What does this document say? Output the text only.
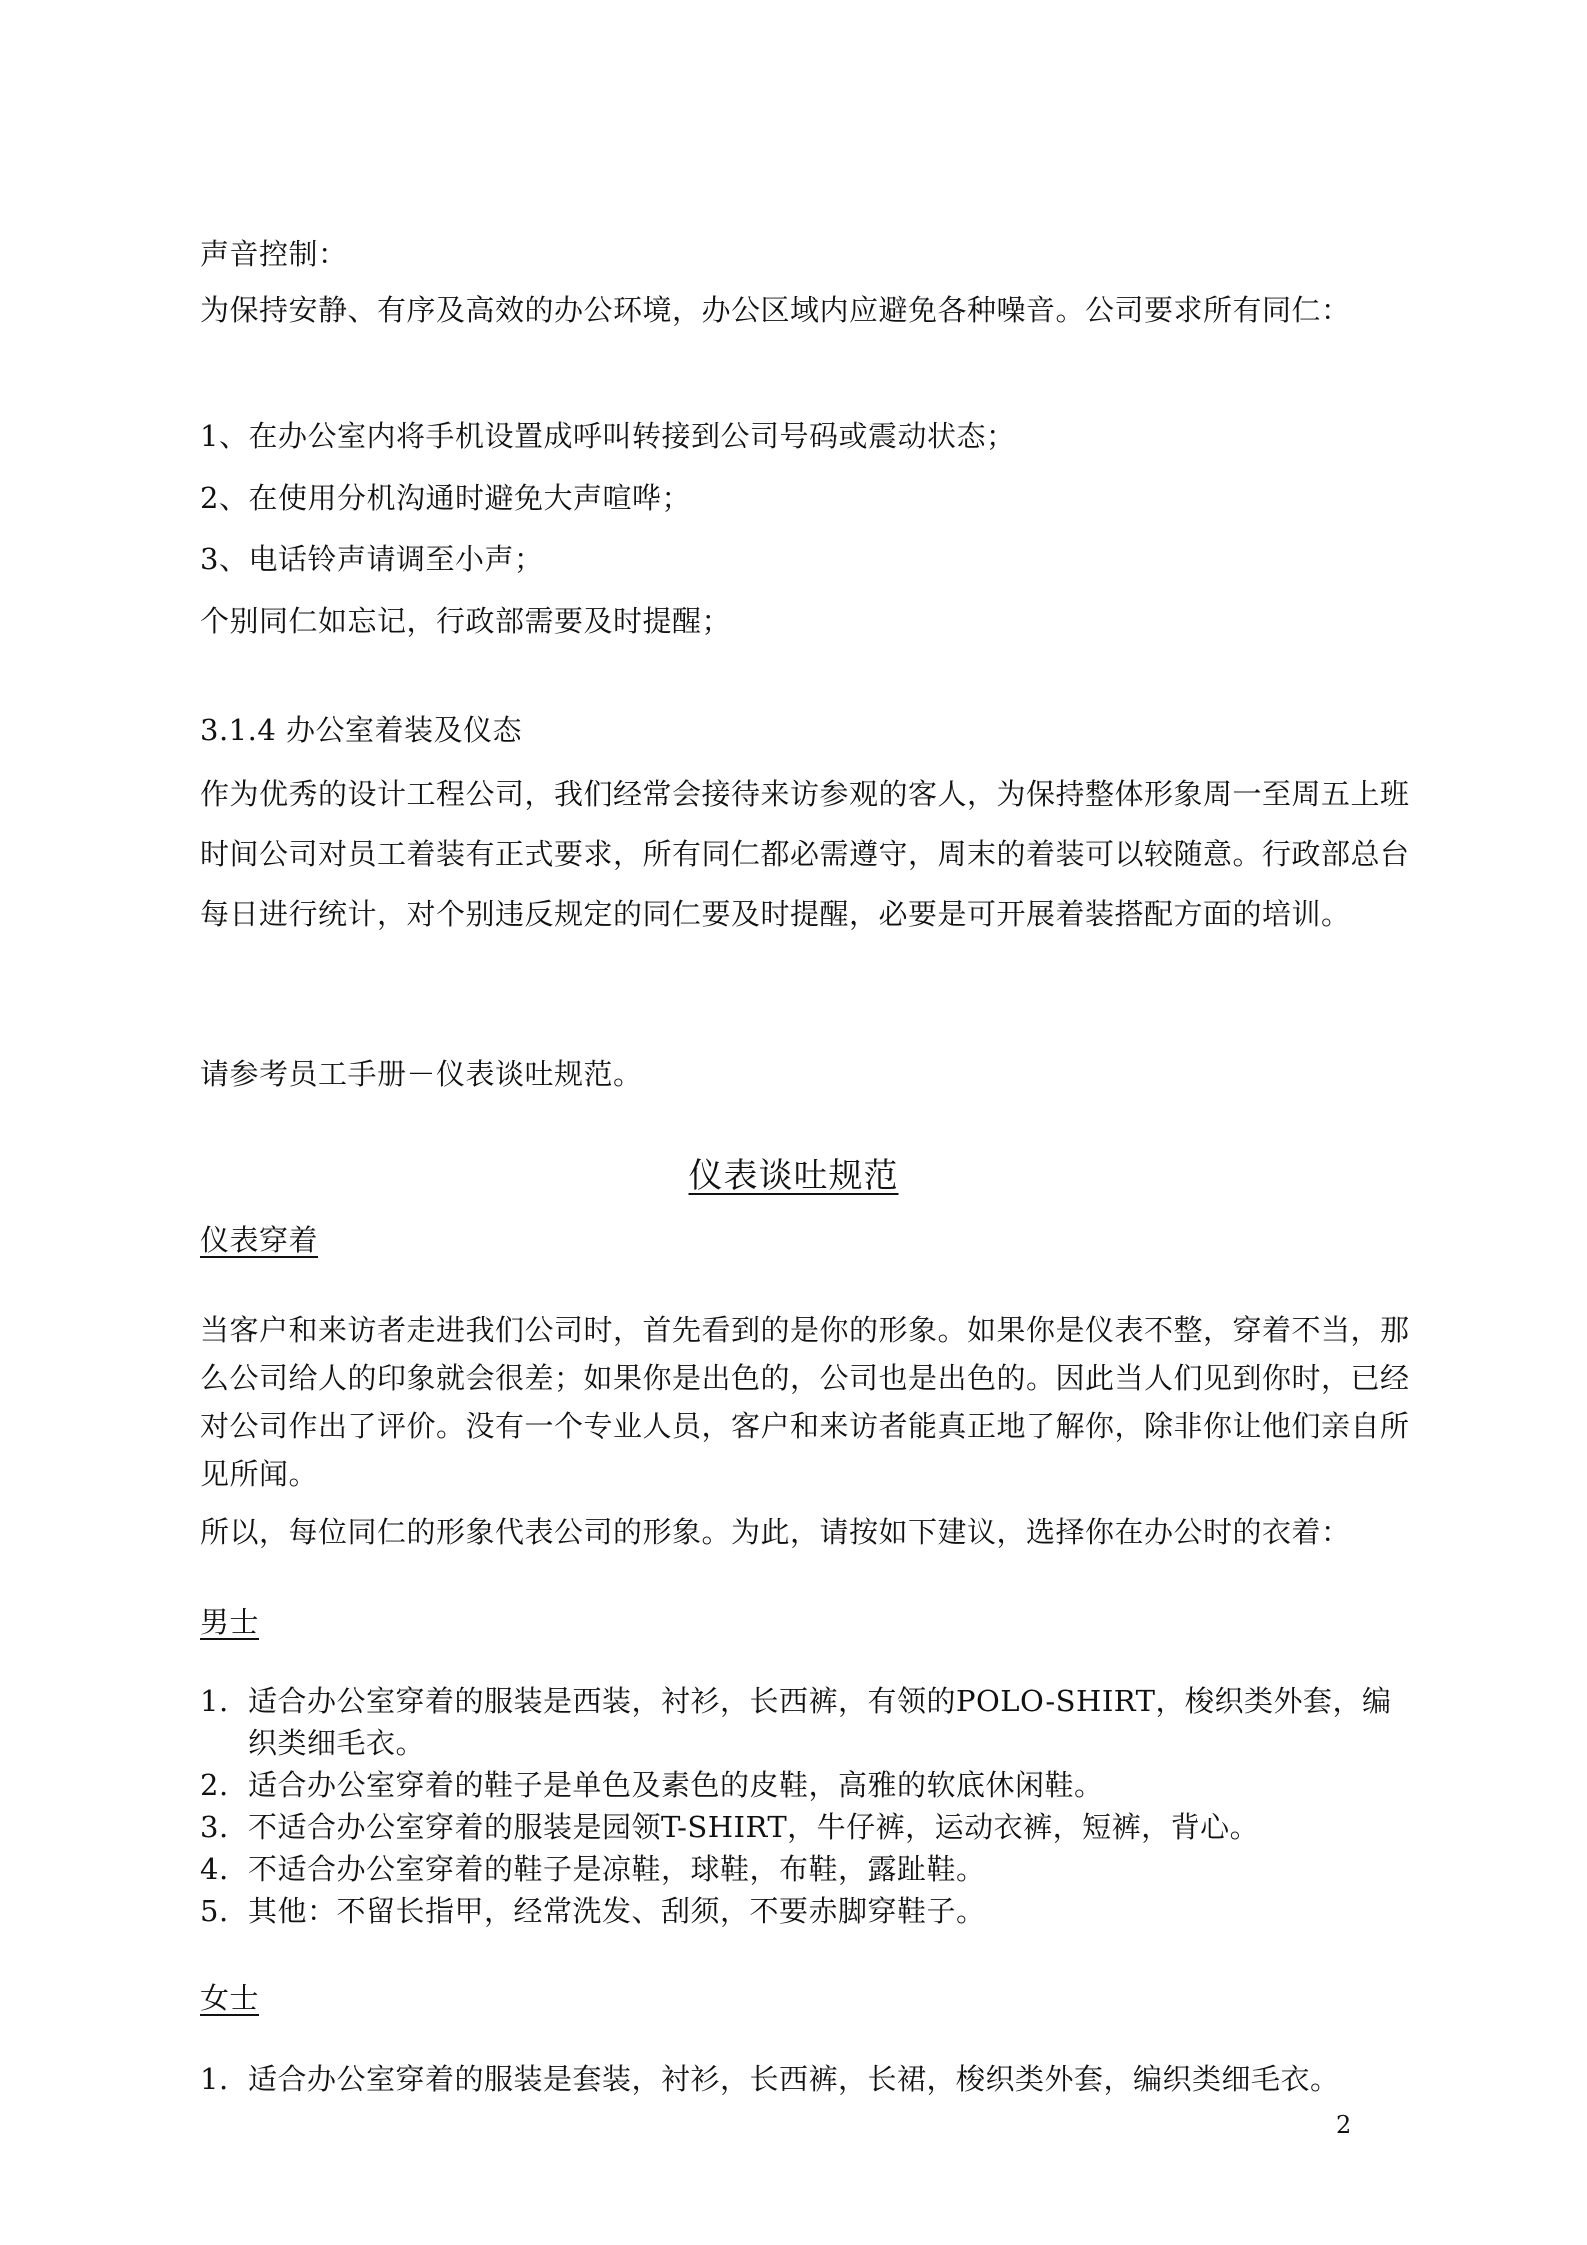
声音控制：

为保持安静、有序及高效的办公环境，办公区域内应避免各种噪音。公司要求所有同仁：

1、在办公室内将手机设置成呼叫转接到公司号码或震动状态；

2、在使用分机沟通时避免大声喧哗；

3、电话铃声请调至小声；

个别同仁如忘记，行政部需要及时提醒；

3.1.4 办公室着装及仪态

作为优秀的设计工程公司，我们经常会接待来访参观的客人，为保持整体形象周一至周五上班时间公司对员工着装有正式要求，所有同仁都必需遵守，周末的着装可以较随意。行政部总台每日进行统计，对个别违反规定的同仁要及时提醒，必要是可开展着装搭配方面的培训。

请参考员工手册－仪表谈吐规范。

仪表谈吐规范

仪表穿着

当客户和来访者走进我们公司时，首先看到的是你的形象。如果你是仪表不整，穿着不当，那么公司给人的印象就会很差；如果你是出色的，公司也是出色的。因此当人们见到你时，已经对公司作出了评价。没有一个专业人员，客户和来访者能真正地了解你，除非你让他们亲自所见所闻。

所以，每位同仁的形象代表公司的形象。为此，请按如下建议，选择你在办公时的衣着：

男士

1. 适合办公室穿着的服装是西装，衬衫，长西裤，有领的POLO-SHIRT，梭织类外套，编织类细毛衣。
2. 适合办公室穿着的鞋子是单色及素色的皮鞋，高雅的软底休闲鞋。
3. 不适合办公室穿着的服装是园领T-SHIRT，牛仔裤，运动衣裤，短裤，背心。
4. 不适合办公室穿着的鞋子是凉鞋，球鞋，布鞋，露趾鞋。
5. 其他：不留长指甲，经常洗发、刮须，不要赤脚穿鞋子。

女士

1. 适合办公室穿着的服装是套装，衬衫，长西裤，长裙，梭织类外套，编织类细毛衣。
2
